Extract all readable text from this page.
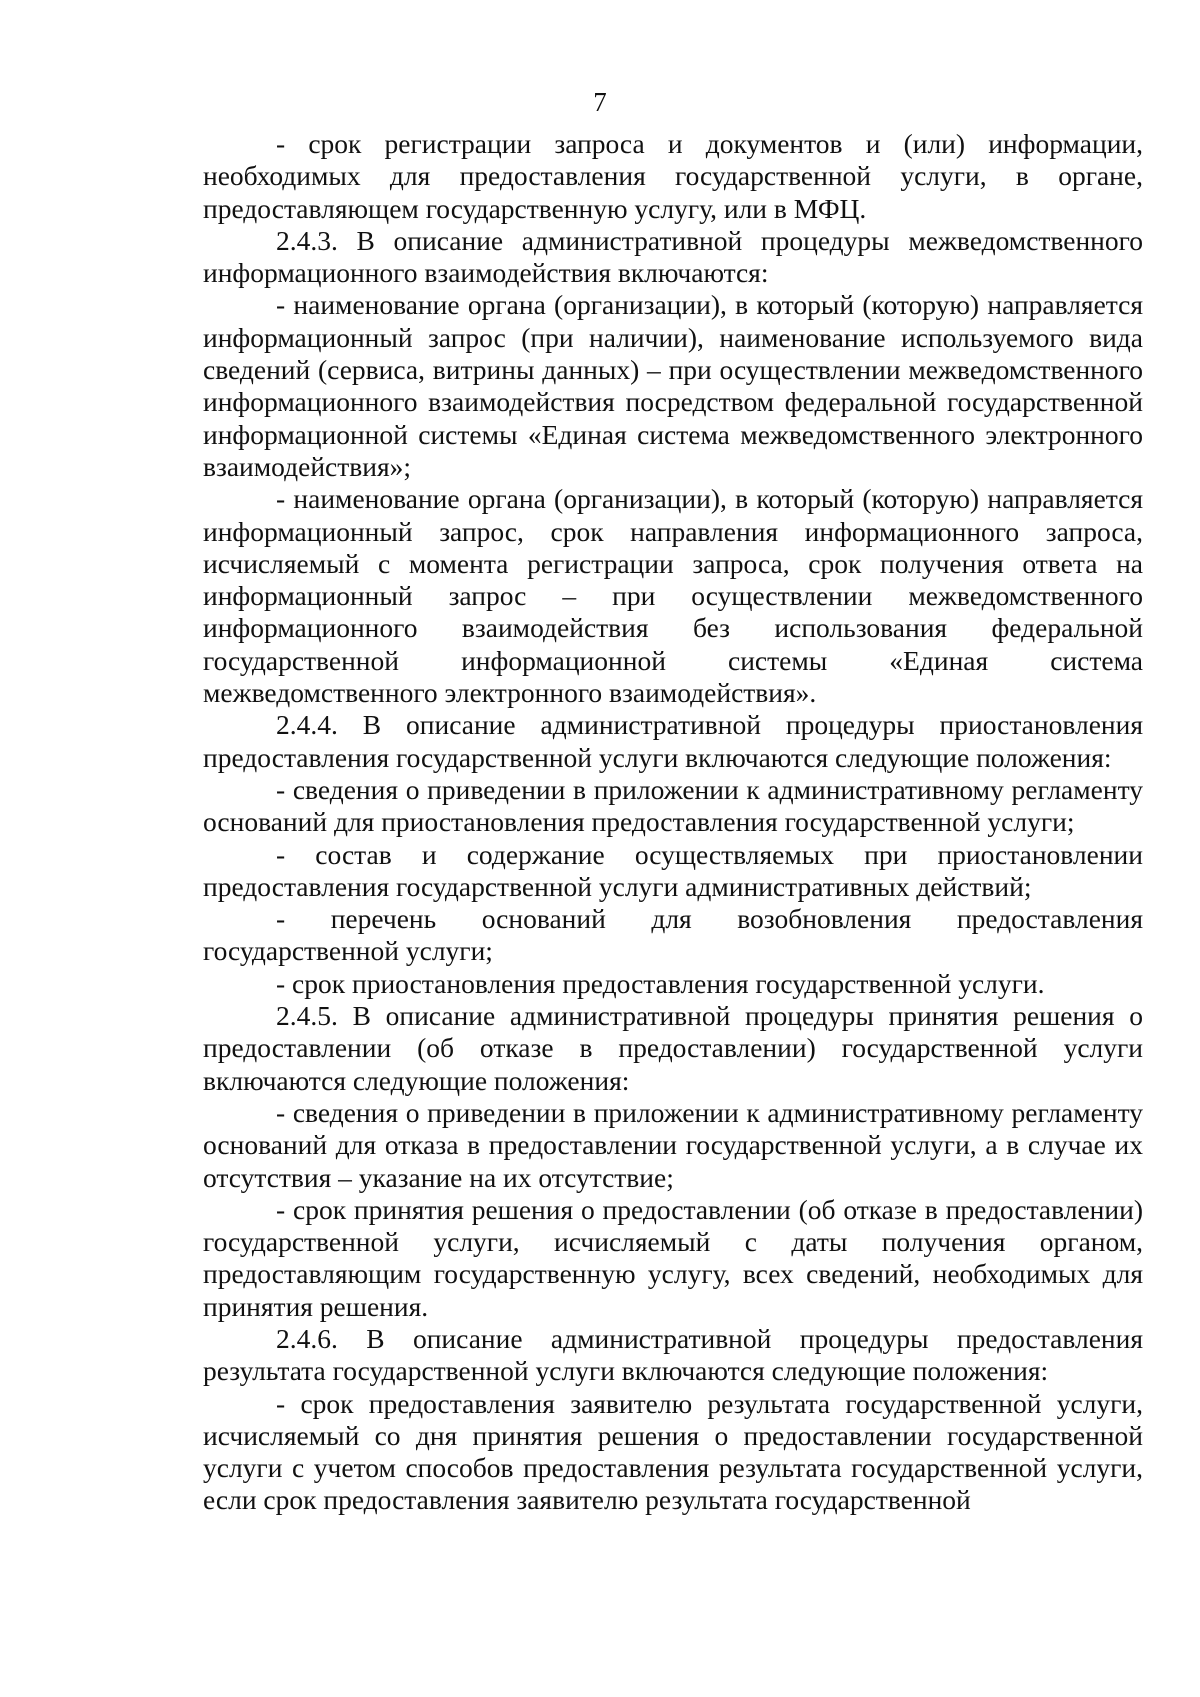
7

- срок регистрации запроса и документов и (или) информации, необходимых для предоставления государственной услуги, в органе, предоставляющем государственную услугу, или в МФЦ.

2.4.3. В описание административной процедуры межведомственного информационного взаимодействия включаются:

- наименование органа (организации), в который (которую) направляется информационный запрос (при наличии), наименование используемого вида сведений (сервиса, витрины данных) – при осуществлении межведомственного информационного взаимодействия посредством федеральной государственной информационной системы «Единая система межведомственного электронного взаимодействия»;

- наименование органа (организации), в который (которую) направляется информационный запрос, срок направления информационного запроса, исчисляемый с момента регистрации запроса, срок получения ответа на информационный запрос – при осуществлении межведомственного информационного взаимодействия без использования федеральной государственной информационной системы «Единая система межведомственного электронного взаимодействия».

2.4.4. В описание административной процедуры приостановления предоставления государственной услуги включаются следующие положения:

- сведения о приведении в приложении к административному регламенту оснований для приостановления предоставления государственной услуги;

- состав и содержание осуществляемых при приостановлении предоставления государственной услуги административных действий;

- перечень оснований для возобновления предоставления государственной услуги;

- срок приостановления предоставления государственной услуги.

2.4.5. В описание административной процедуры принятия решения о предоставлении (об отказе в предоставлении) государственной услуги включаются следующие положения:

- сведения о приведении в приложении к административному регламенту оснований для отказа в предоставлении государственной услуги, а в случае их отсутствия – указание на их отсутствие;

- срок принятия решения о предоставлении (об отказе в предоставлении) государственной услуги, исчисляемый с даты получения органом, предоставляющим государственную услугу, всех сведений, необходимых для принятия решения.

2.4.6. В описание административной процедуры предоставления результата государственной услуги включаются следующие положения:

- срок предоставления заявителю результата государственной услуги, исчисляемый со дня принятия решения о предоставлении государственной услуги с учетом способов предоставления результата государственной услуги, если срок предоставления заявителю результата государственной
